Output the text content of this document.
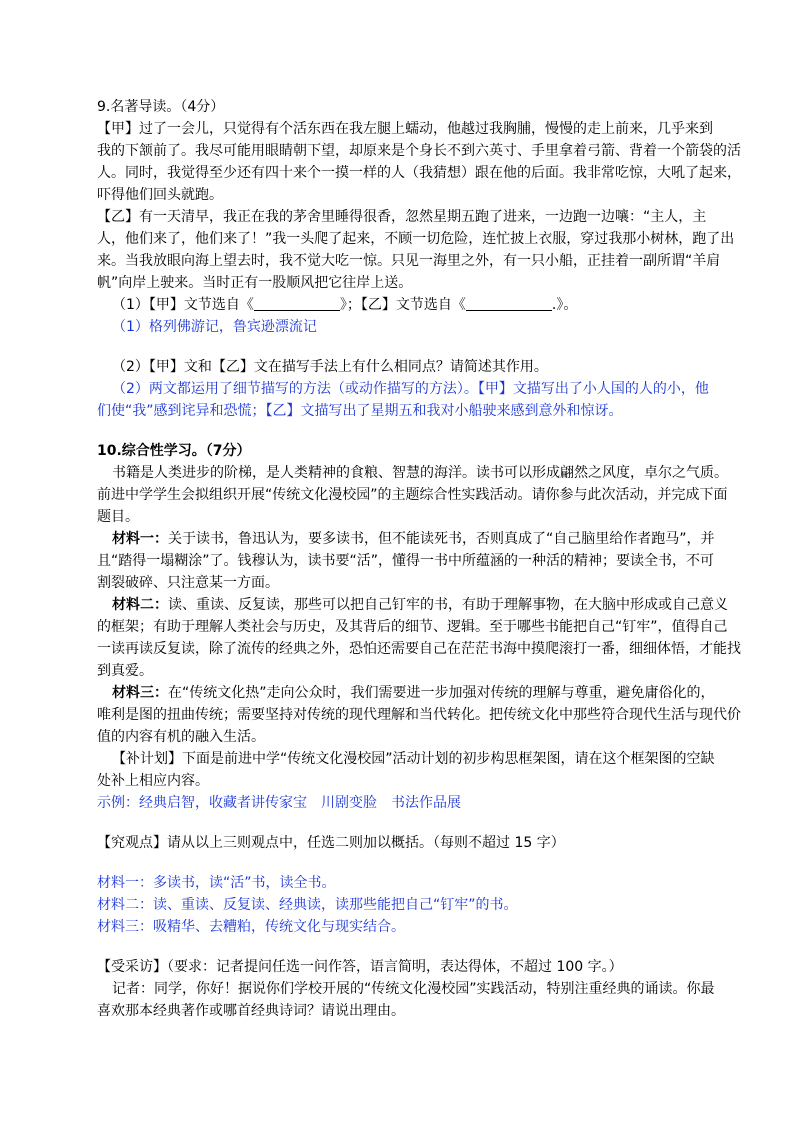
9.名著导读。（4分）
【甲】过了一会儿，只觉得有个活东西在我左腿上蠕动，他越过我胸脯，慢慢的走上前来，几乎来到
我的下颔前了。我尽可能用眼睛朝下望，却原来是个身长不到六英寸、手里拿着弓箭、背着一个箭袋的活
人。同时，我觉得至少还有四十来个一摸一样的人（我猜想）跟在他的后面。我非常吃惊，大吼了起来，
吓得他们回头就跑。
【乙】有一天清早，我正在我的茅舍里睡得很香，忽然星期五跑了进来，一边跑一边嚷：“主人，主
人，他们来了，他们来了！”我一头爬了起来，不顾一切危险，连忙披上衣服，穿过我那小树林，跑了出
来。当我放眼向海上望去时，我不觉大吃一惊。只见一海里之外，有一只小船，正挂着一副所谓“羊肩
帆”向岸上驶来。当时正有一股顺风把它往岸上送。
（1）【甲】文节选自《	》；【乙】文节选自《	.》。
（1）格列佛游记，鲁宾逊漂流记
（2）【甲】文和【乙】文在描写手法上有什么相同点？请简述其作用。
（2）两文都运用了细节描写的方法（或动作描写的方法）。【甲】文描写出了小人国的人的小，他
们使“我”感到诧异和恐慌；【乙】文描写出了星期五和我对小船驶来感到意外和惊讶。
10.综合性学习。（7分）
书籍是人类进步的阶梯，是人类精神的食粮、智慧的海洋。读书可以形成翩然之风度，卓尔之气质。
前进中学学生会拟组织开展“传统文化漫校园”的主题综合性实践活动。请你参与此次活动，并完成下面
题目。
材料一：关于读书，鲁迅认为，要多读书，但不能读死书，否则真成了“自己脑里给作者跑马”，并
且“踏得一塌糊涂”了。钱穆认为，读书要“活”，懂得一书中所蕴涵的一种活的精神；要读全书，不可
割裂破碎、只注意某一方面。
材料二：读、重读、反复读，那些可以把自己钉牢的书，有助于理解事物，在大脑中形成或自己意义
的框架；有助于理解人类社会与历史，及其背后的细节、逻辑。至于哪些书能把自己“钉牢”，值得自己
一读再读反复读，除了流传的经典之外，恐怕还需要自己在茫茫书海中摸爬滚打一番，细细体悟，才能找
到真爱。
材料三：在“传统文化热”走向公众时，我们需要进一步加强对传统的理解与尊重，避免庸俗化的，
唯利是图的扭曲传统；需要坚持对传统的现代理解和当代转化。把传统文化中那些符合现代生活与现代价
值的内容有机的融入生活。
【补计划】下面是前进中学“传统文化漫校园”活动计划的初步构思框架图，请在这个框架图的空缺
处补上相应内容。
示例：经典启智，收藏者讲传家宝　川剧变脸　书法作品展
【究观点】请从以上三则观点中，任选二则加以概括。（每则不超过 15 字）
材料一：多读书，读“活”书，读全书。
材料二：读、重读、反复读、经典读，读那些能把自己“钉牢”的书。
材料三：吸精华、去糟粕，传统文化与现实结合。
【受采访】（要求：记者提问任选一问作答，语言简明，表达得体，不超过 100 字。）
记者：同学，你好！据说你们学校开展的“传统文化漫校园”实践活动，特别注重经典的诵读。你最
喜欢那本经典著作或哪首经典诗词？请说出理由。
